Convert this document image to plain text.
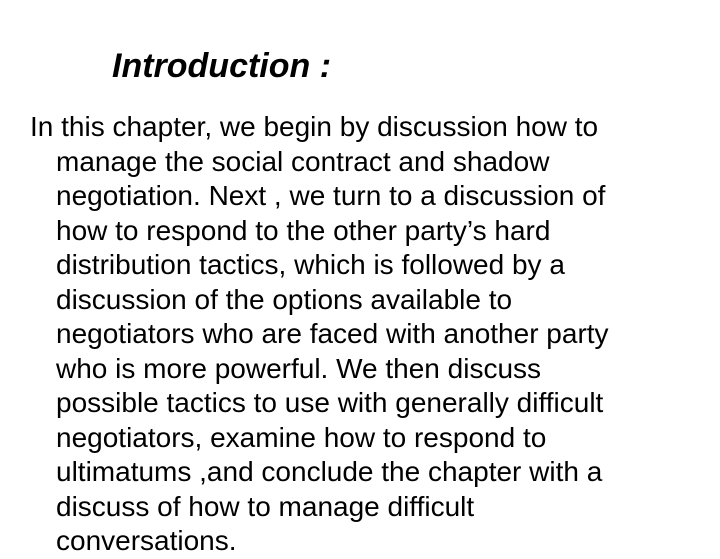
Introduction :
In this chapter, we begin by discussion how to
manage the social contract and shadow
negotiation. Next , we turn to a discussion of
how to respond to the other party’s hard
distribution tactics, which is followed by a
discussion of the options available to
negotiators who are faced with another party
who is more powerful. We then discuss
possible tactics to use with generally difficult
negotiators, examine how to respond to
ultimatums ,and conclude the chapter with a
discuss of how to manage difficult
conversations.
